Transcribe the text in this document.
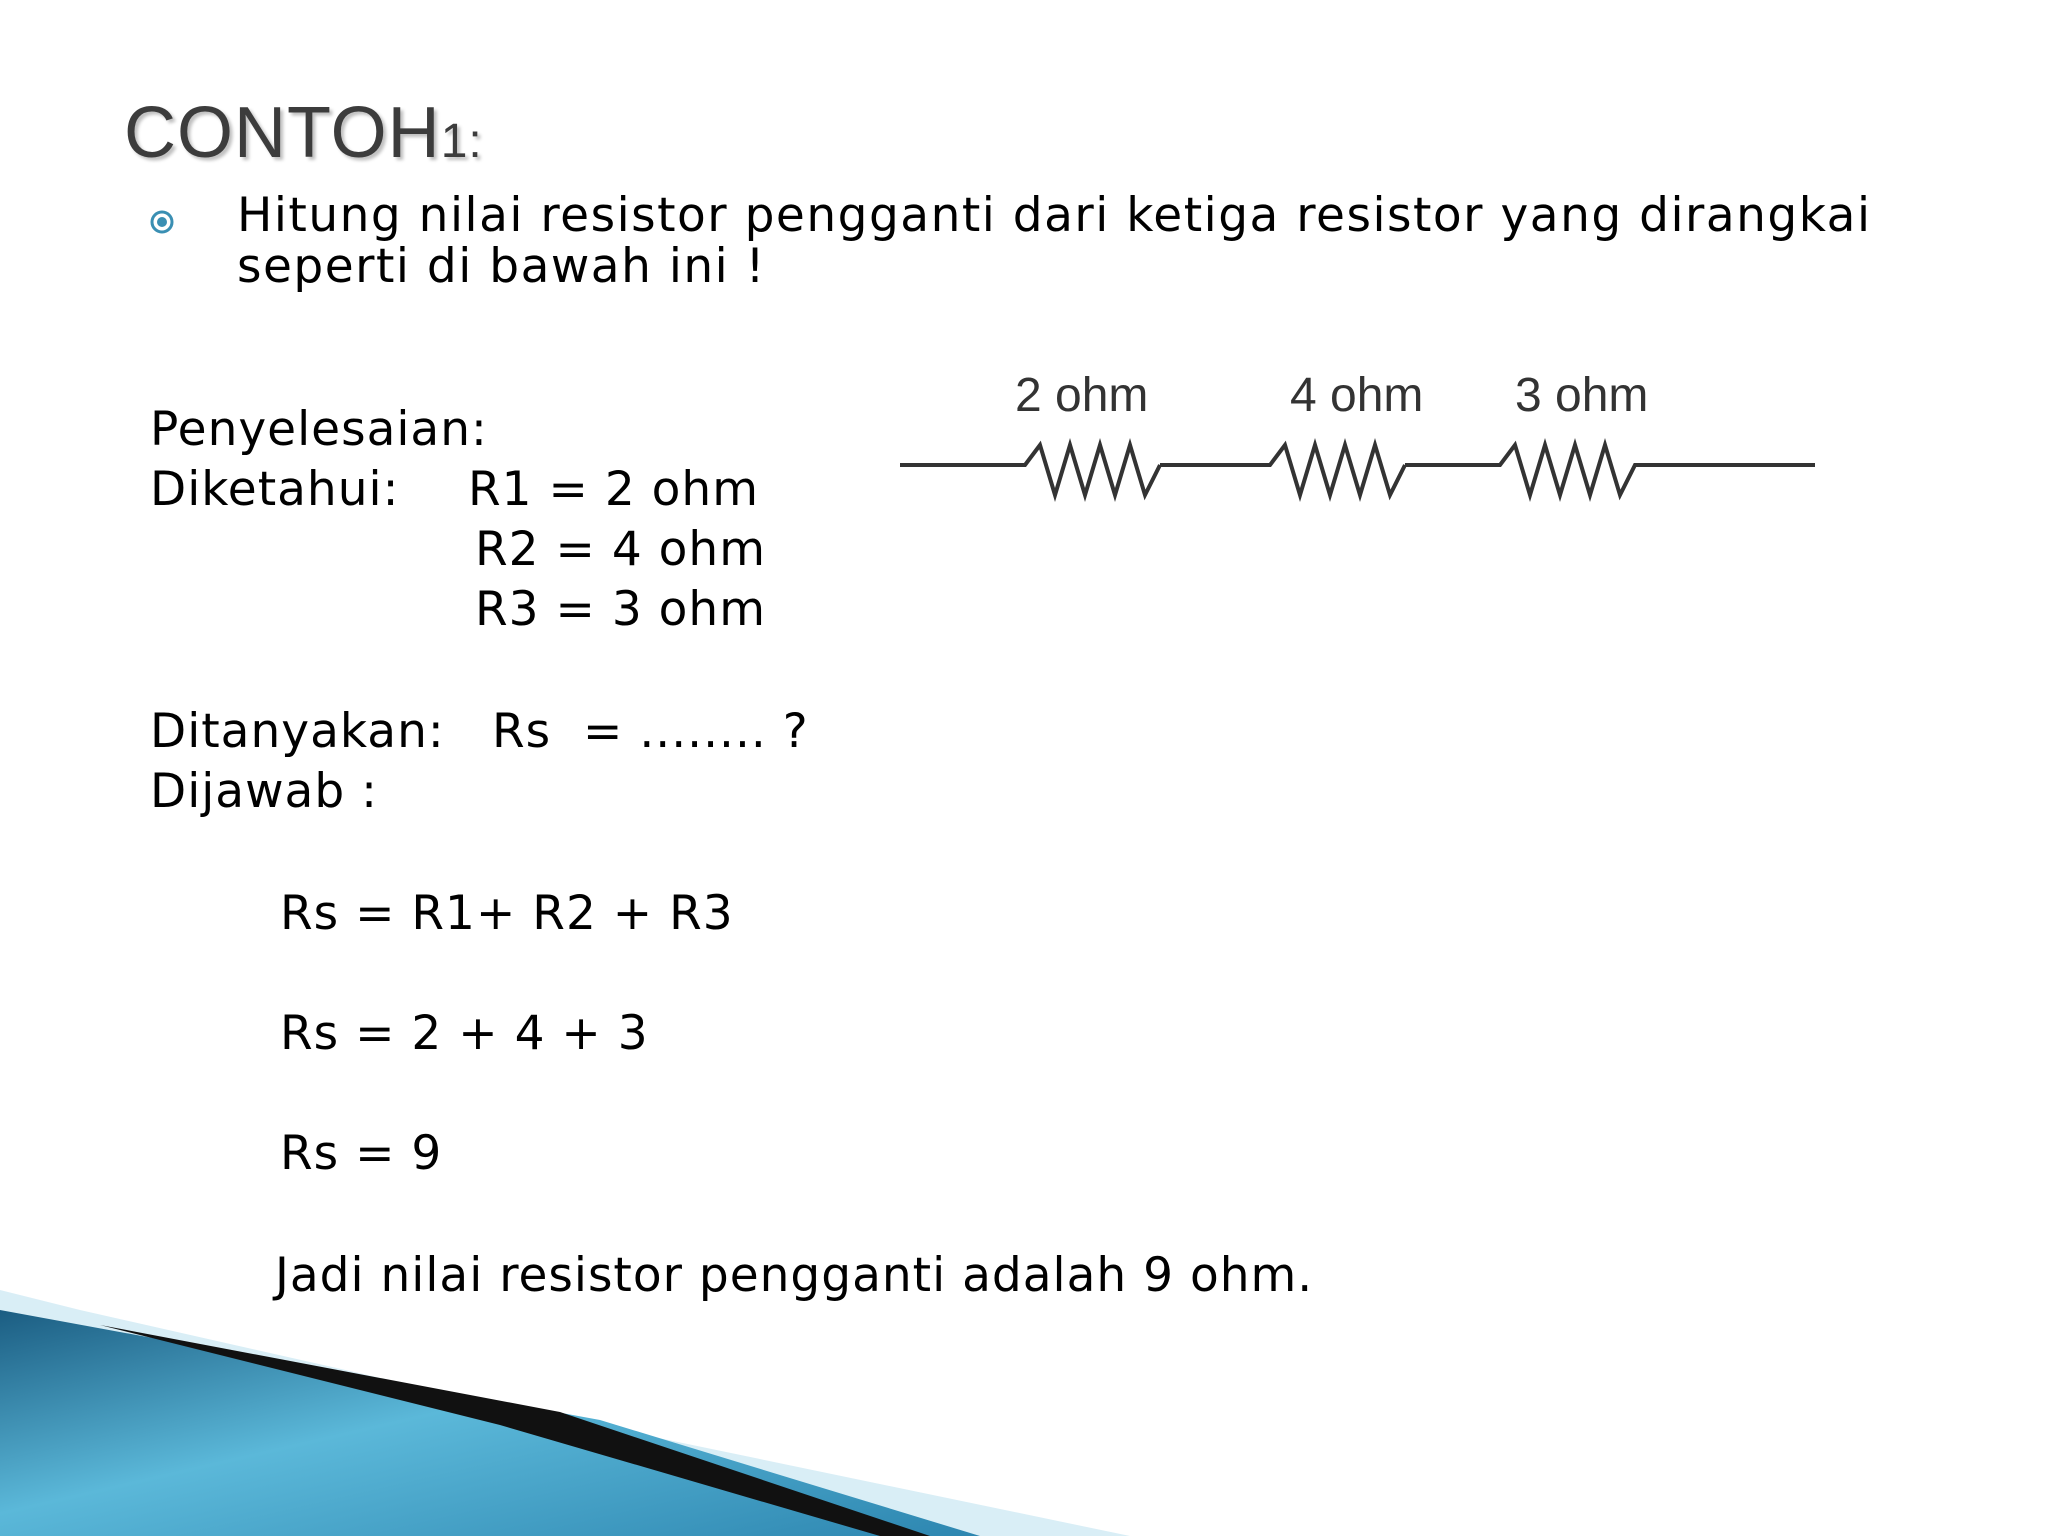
CONTOH1:
Hitung nilai resistor pengganti dari ketiga resistor yang dirangkai seperti di bawah ini !
Penyelesaian:
Diketahui: R1 = 2 ohm
R2 = 4 ohm
R3 = 3 ohm
Ditanyakan: Rs  = ........ ?
Dijawab :
Rs = R1+ R2 + R3
Rs = 2 + 4 + 3
Rs = 9
Jadi nilai resistor pengganti adalah 9 ohm.
2 ohm	4 ohm 3 ohm
